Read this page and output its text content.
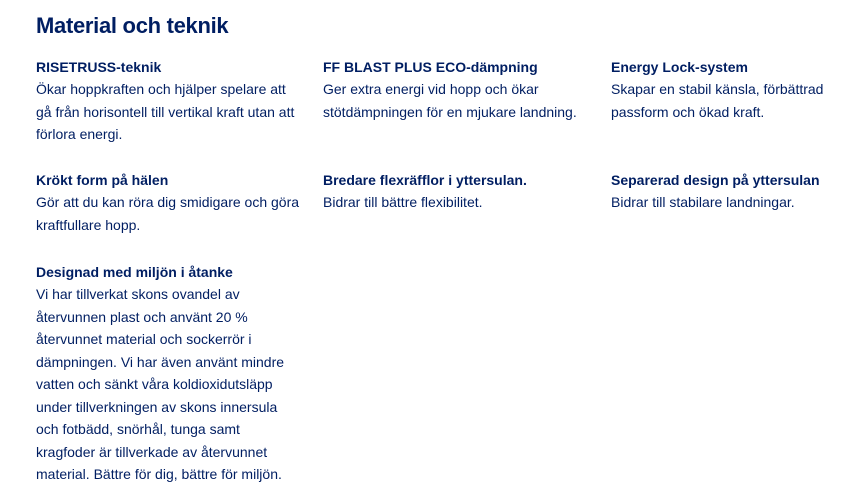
Material och teknik
RISETRUSS-teknik
Ökar hoppkraften och hjälper spelare att gå från horisontell till vertikal kraft utan att förlora energi.
FF BLAST PLUS ECO-dämpning
Ger extra energi vid hopp och ökar stötdämpningen för en mjukare landning.
Energy Lock-system
Skapar en stabil känsla, förbättrad passform och ökad kraft.
Krökt form på hälen
Gör att du kan röra dig smidigare och göra kraftfullare hopp.
Bredare flexräfflor i yttersulan.
Bidrar till bättre flexibilitet.
Separerad design på yttersulan
Bidrar till stabilare landningar.
Designad med miljön i åtanke
Vi har tillverkat skons ovandel av återvunnen plast och använt 20 % återvunnet material och sockerrör i dämpningen. Vi har även använt mindre vatten och sänkt våra koldioxidutsläpp under tillverkningen av skons innersula och fotbädd, snörhål, tunga samt kragfoder är tillverkade av återvunnet material. Bättre för dig, bättre för miljön.
